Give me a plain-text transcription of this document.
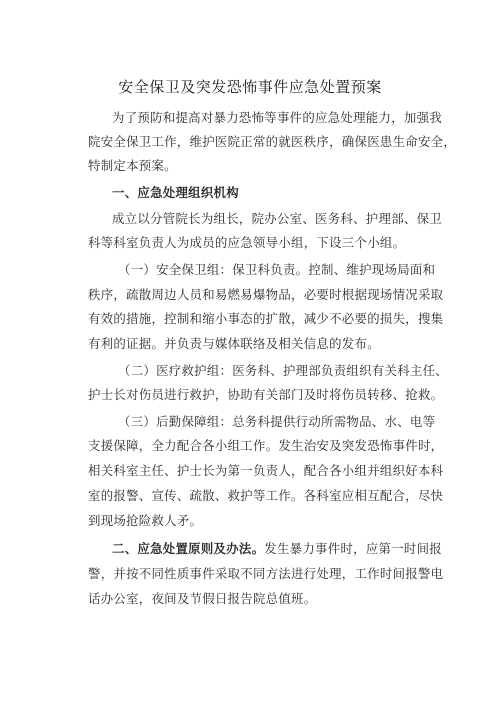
安全保卫及突发恐怖事件应急处置预案
为了预防和提高对暴力恐怖等事件的应急处理能力，加强我
院安全保卫工作，维护医院正常的就医秩序，确保医患生命安全，
特制定本预案。
一、应急处理组织机构
成立以分管院长为组长，院办公室、医务科、护理部、保卫
科等科室负责人为成员的应急领导小组，下设三个小组。
（一）安全保卫组：保卫科负责。控制、维护现场局面和
秩序，疏散周边人员和易燃易爆物品，必要时根据现场情况采取
有效的措施，控制和缩小事态的扩散，减少不必要的损失，搜集
有利的证据。并负责与媒体联络及相关信息的发布。
（二）医疗救护组：医务科、护理部负责组织有关科主任、
护士长对伤员进行救护，协助有关部门及时将伤员转移、抢救。
（三）后勤保障组：总务科提供行动所需物品、水、电等
支援保障，全力配合各小组工作。发生治安及突发恐怖事件时，
相关科室主任、护士长为第一负责人，配合各小组并组织好本科
室的报警、宣传、疏散、救护等工作。各科室应相互配合，尽快
到现场抢险救人矛。
二、应急处置原则及办法。发生暴力事件时，应第一时间报
警，并按不同性质事件采取不同方法进行处理，工作时间报警电
话办公室，夜间及节假日报告院总值班。
